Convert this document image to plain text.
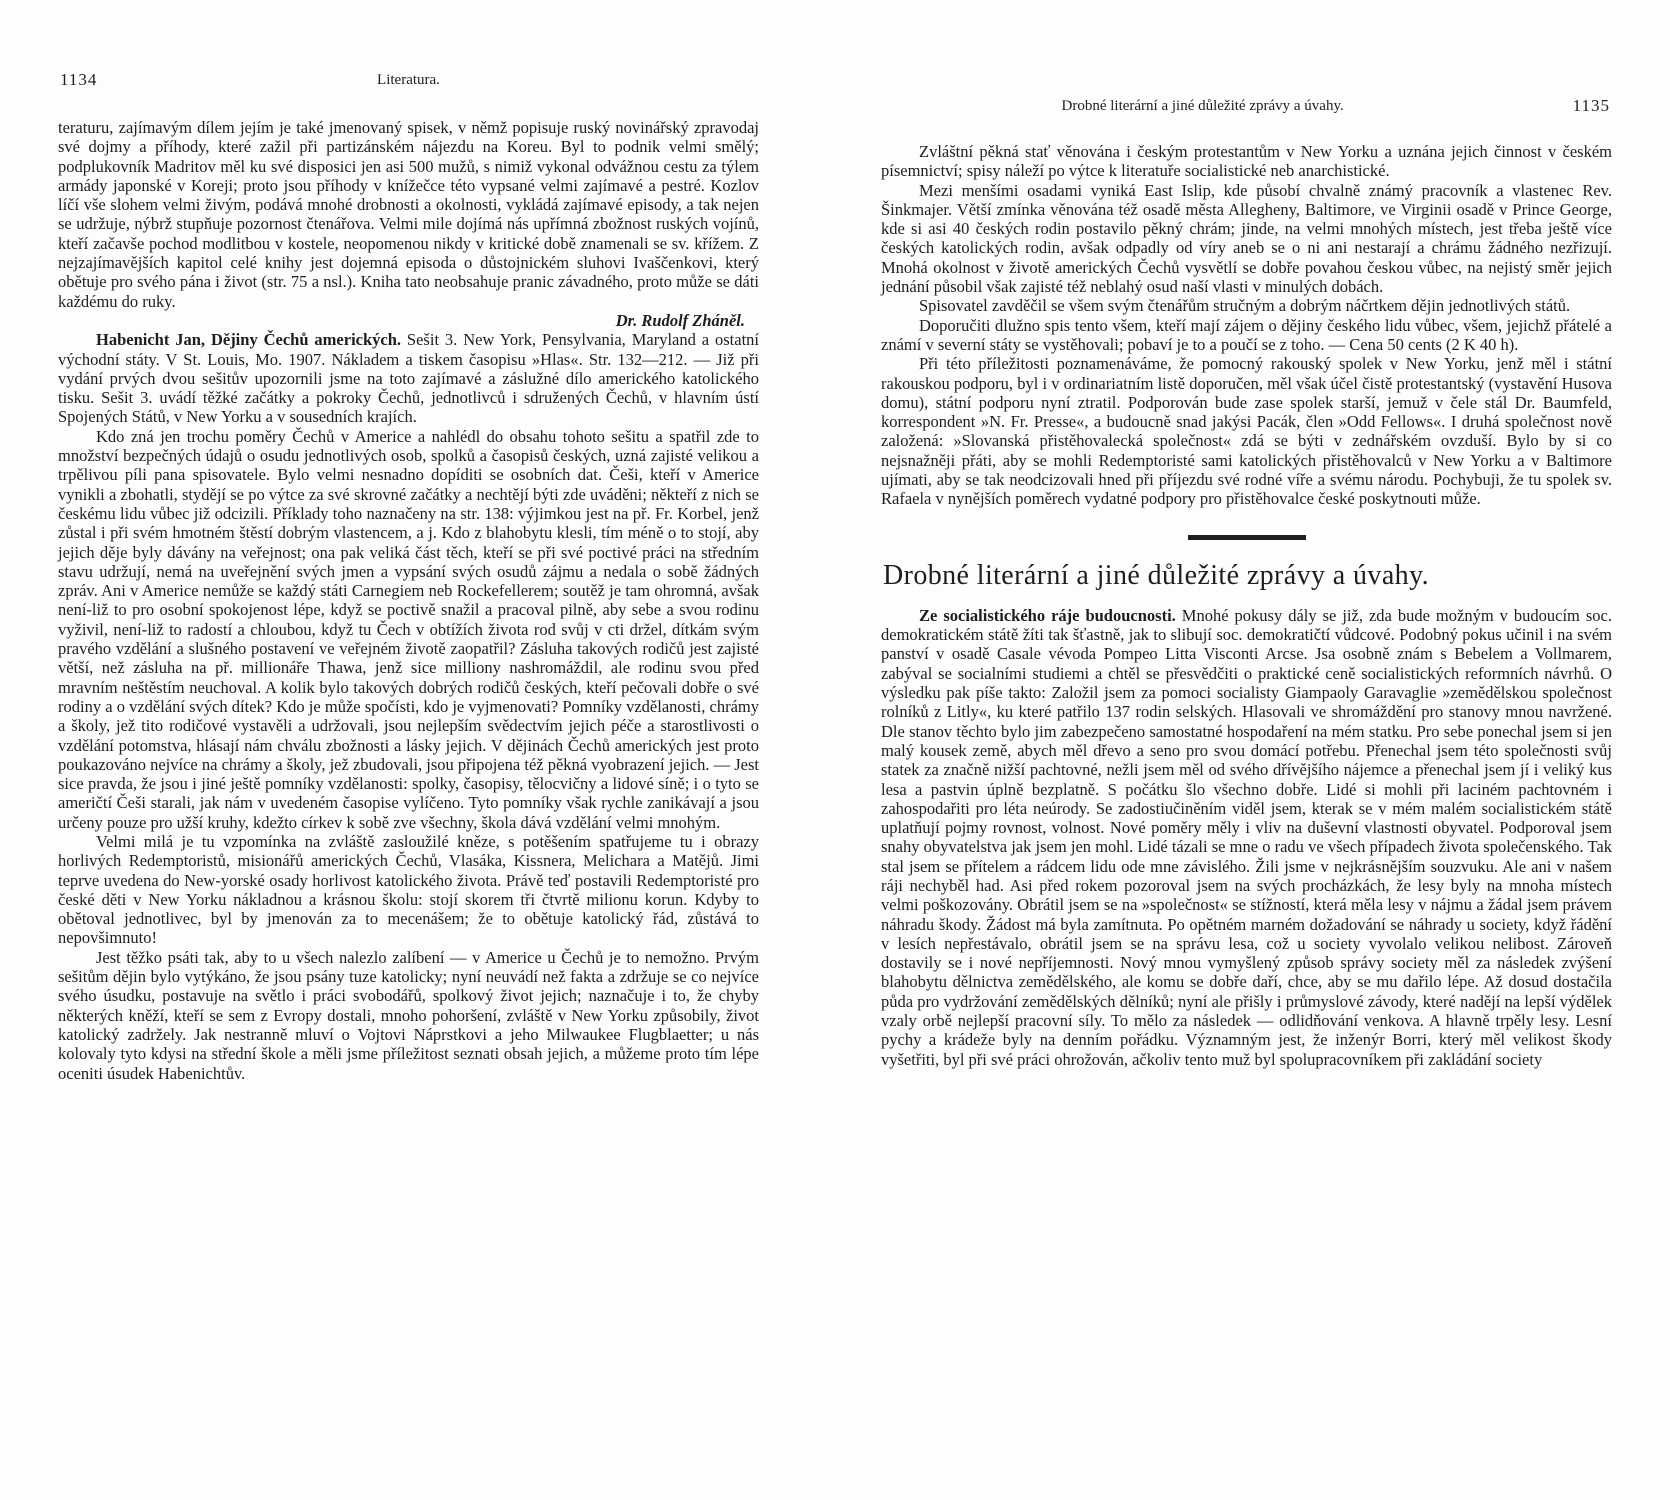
1134	Literatura.

teraturu, zajímavým dílem jejím je také jmenovaný spisek, v němž popisuje ruský novinářský zpravodaj své dojmy a příhody, které zažil při partizánském nájezdu na Koreu. Byl to podnik velmi smělý; podplukovník Madritov měl ku své disposici jen asi 500 mužů, s nimiž vykonal odvážnou cestu za týlem armády japonské v Koreji; proto jsou příhody v knížečce této vypsané velmi zajímavé a pestré. Kozlov líčí vše slohem velmi živým, podává mnohé drobnosti a okolnosti, vykládá zajímavé episody, a tak nejen se udržuje, nýbrž stupňuje pozornost čtenářova. Velmi mile dojímá nás upřímná zbožnost ruských vojínů, kteří začavše pochod modlitbou v kostele, neopomenou nikdy v kritické době znamenali se sv. křížem. Z nejzajímavějších kapitol celé knihy jest dojemná episoda o důstojnickém sluhovi Ivaščenkovi, který obětuje pro svého pána i život (str. 75 a nsl.). Kniha tato neobsahuje pranic závadného, proto může se dáti každému do ruky.

Dr. Rudolf Zháněl.

Habenicht Jan, Dějiny Čechů amerických. Sešit 3. New York, Pensylvania, Maryland a ostatní východní státy. V St. Louis, Mo. 1907. Nákladem a tiskem časopisu »Hlas«. Str. 132—212. — Již při vydání prvých dvou sešitův upozornili jsme na toto zajímavé a záslužné dílo amerického katolického tisku. Sešit 3. uvádí těžké začátky a pokroky Čechů, jednotlivců i sdružených Čechů, v hlavním ústí Spojených Států, v New Yorku a v sousedních krajích.

Kdo zná jen trochu poměry Čechů v Americe a nahlédl do obsahu tohoto sešitu a spatřil zde to množství bezpečných údajů o osudu jednotlivých osob, spolků a časopisů českých, uzná zajisté velikou a trpělivou píli pana spisovatele. Bylo velmi nesnadno dopíditi se osobních dat. Češi, kteří v Americe vynikli a zbohatli, stydějí se po výtce za své skrovné začátky a nechtějí býti zde uváděni; někteří z nich se českému lidu vůbec již odcizili. Příklady toho naznačeny na str. 138: výjimkou jest na př. Fr. Korbel, jenž zůstal i při svém hmotném štěstí dobrým vlastencem, a j. Kdo z blahobytu klesli, tím méně o to stojí, aby jejich děje byly dávány na veřejnost; ona pak veliká část těch, kteří se při své poctivé práci na středním stavu udržují, nemá na uveřejnění svých jmen a vypsání svých osudů zájmu a nedala o sobě žádných zpráv. Ani v Americe nemůže se každý státi Carnegiem neb Rockefellerem; soutěž je tam ohromná, avšak není-liž to pro osobní spokojenost lépe, když se poctivě snažil a pracoval pilně, aby sebe a svou rodinu vyživil, není-liž to radostí a chloubou, když tu Čech v obtížích života rod svůj v cti držel, dítkám svým pravého vzdělání a slušného postavení ve veřejném životě zaopatřil? Zásluha takových rodičů jest zajisté větší, než zásluha na př. millionáře Thawa, jenž sice milliony nashromáždil, ale rodinu svou před mravním neštěstím neuchoval. A kolik bylo takových dobrých rodičů českých, kteří pečovali dobře o své rodiny a o vzdělání svých dítek? Kdo je může spočísti, kdo je vyjmenovati? Pomníky vzdělanosti, chrámy a školy, jež tito rodičové vystavěli a udržovali, jsou nejlepším svědectvím jejich péče a starostlivosti o vzdělání potomstva, hlásají nám chválu zbožnosti a lásky jejich. V dějinách Čechů amerických jest proto poukazováno nejvíce na chrámy a školy, jež zbudovali, jsou připojena též pěkná vyobrazení jejich. — Jest sice pravda, že jsou i jiné ještě pomníky vzdělanosti: spolky, časopisy, tělocvičny a lidové síně; i o tyto se američtí Češi starali, jak nám v uvedeném časopise vylíčeno. Tyto pomníky však rychle zanikávají a jsou určeny pouze pro užší kruhy, kdežto církev k sobě zve všechny, škola dává vzdělání velmi mnohým.

Velmi milá je tu vzpomínka na zvláště zasloužilé kněze, s potěšením spatřujeme tu i obrazy horlivých Redemptoristů, misionářů amerických Čechů, Vlasáka, Kissnera, Melichara a Matějů. Jimi teprve uvedena do New-yorské osady horlivost katolického života. Právě teď postavili Redemptoristé pro české děti v New Yorku nákladnou a krásnou školu: stojí skorem tři čtvrtě milionu korun. Kdyby to obětoval jednotlivec, byl by jmenován za to mecenášem; že to obětuje katolický řád, zůstává to nepovšimnuto!

Jest těžko psáti tak, aby to u všech nalezlo zalíbení — v Americe u Čechů je to nemožno. Prvým sešitům dějin bylo vytýkáno, že jsou psány tuze katolicky; nyní neuvádí než fakta a zdržuje se co nejvíce svého úsudku, postavuje na světlo i práci svobodářů, spolkový život jejich; naznačuje i to, že chyby některých kněží, kteří se sem z Evropy dostali, mnoho pohoršení, zvláště v New Yorku způsobily, život katolický zadržely. Jak nestranně mluví o Vojtovi Náprstkovi a jeho Milwaukee Flugblaetter; u nás kolovaly tyto kdysi na střední škole a měli jsme příležitost seznati obsah jejich, a můžeme proto tím lépe oceniti úsudek Habenichtův.

Drobné literární a jiné důležité zprávy a úvahy.	1135

Zvláštní pěkná stať věnována i českým protestantům v New Yorku a uznána jejich činnost v českém písemnictví; spisy náleží po výtce k literatuře socialistické neb anarchistické.

Mezi menšími osadami vyniká East Islip, kde působí chvalně známý pracovník a vlastenec Rev. Šinkmajer. Větší zmínka věnována též osadě města Allegheny, Baltimore, ve Virginii osadě v Prince George, kde si asi 40 českých rodin postavilo pěkný chrám; jinde, na velmi mnohých místech, jest třeba ještě více českých katolických rodin, avšak odpadly od víry aneb se o ni ani nestarají a chrámu žádného nezřizují. Mnohá okolnost v životě amerických Čechů vysvětlí se dobře povahou českou vůbec, na nejistý směr jejich jednání působil však zajisté též neblahý osud naší vlasti v minulých dobách.

Spisovatel zavděčil se všem svým čtenářům stručným a dobrým náčrtkem dějin jednotlivých států.

Doporučiti dlužno spis tento všem, kteří mají zájem o dějiny českého lidu vůbec, všem, jejichž přátelé a známí v severní státy se vystěhovali; pobaví je to a poučí se z toho. — Cena 50 cents (2 K 40 h).

Při této příležitosti poznamenáváme, že pomocný rakouský spolek v New Yorku, jenž měl i státní rakouskou podporu, byl i v ordinariatním listě doporučen, měl však účel čistě protestantský (vystavění Husova domu), státní podporu nyní ztratil. Podporován bude zase spolek starší, jemuž v čele stál Dr. Baumfeld, korrespondent »N. Fr. Presse«, a budoucně snad jakýsi Pacák, člen »Odd Fellows«. I druhá společnost nově založená: »Slovanská přistěhovalecká společnost« zdá se býti v zednářském ovzduší. Bylo by si co nejsnažněji přáti, aby se mohli Redemptoristé sami katolických přistěhovalců v New Yorku a v Baltimore ujímati, aby se tak neodcizovali hned při příjezdu své rodné víře a svému národu. Pochybuji, že tu spolek sv. Rafaela v nynějších poměrech vydatné podpory pro přistěhovalce české poskytnouti může.

Drobné literární a jiné důležité zprávy a úvahy.

Ze socialistického ráje budoucnosti. Mnohé pokusy dály se již, zda bude možným v budoucím soc. demokratickém státě žíti tak šťastně, jak to slibují soc. demokratičtí vůdcové. Podobný pokus učinil i na svém panství v osadě Casale vévoda Pompeo Litta Visconti Arcse. Jsa osobně znám s Bebelem a Vollmarem, zabýval se socialními studiemi a chtěl se přesvědčiti o praktické ceně socialistických reformních návrhů. O výsledku pak píše takto: Založil jsem za pomoci socialisty Giampaoly Garavaglie »zemědělskou společnost rolníků z Litly«, ku které patřilo 137 rodin selských. Hlasovali ve shromáždění pro stanovy mnou navržené. Dle stanov těchto bylo jim zabezpečeno samostatné hospodaření na mém statku. Pro sebe ponechal jsem si jen malý kousek země, abych měl dřevo a seno pro svou domácí potřebu. Přenechal jsem této společnosti svůj statek za značně nižší pachtovné, nežli jsem měl od svého dřívějšího nájemce a přenechal jsem jí i veliký kus lesa a pastvin úplně bezplatně. S počátku šlo všechno dobře. Lidé si mohli při laciném pachtovném i zahospodařiti pro léta neúrody. Se zadostiučiněním viděl jsem, kterak se v mém malém socialistickém státě uplatňují pojmy rovnost, volnost. Nové poměry měly i vliv na duševní vlastnosti obyvatel. Podporoval jsem snahy obyvatelstva jak jsem jen mohl. Lidé tázali se mne o radu ve všech případech života společenského. Tak stal jsem se přítelem a rádcem lidu ode mne závislého. Žili jsme v nejkrásnějším souzvuku. Ale ani v našem ráji nechyběl had. Asi před rokem pozoroval jsem na svých procházkách, že lesy byly na mnoha místech velmi poškozovány. Obrátil jsem se na »společnost« se stížností, která měla lesy v nájmu a žádal jsem právem náhradu škody. Žádost má byla zamítnuta. Po opětném marném dožadování se náhrady u society, když řádění v lesích nepřestávalo, obrátil jsem se na správu lesa, což u society vyvolalo velikou nelibost. Zároveň dostavily se i nové nepříjemnosti. Nový mnou vymyšlený způsob správy society měl za následek zvýšení blahobytu dělnictva zemědělského, ale komu se dobře daří, chce, aby se mu dařilo lépe. Až dosud dostačila půda pro vydržování zemědělských dělníků; nyní ale přišly i průmyslové závody, které nadějí na lepší výdělek vzaly orbě nejlepší pracovní síly. To mělo za následek — odlidňování venkova. A hlavně trpěly lesy. Lesní pychy a krádeže byly na denním pořádku. Významným jest, že inženýr Borri, který měl velikost škody vyšetřiti, byl při své práci ohrožován, ačkoliv tento muž byl spolupracovníkem při zakládání society
